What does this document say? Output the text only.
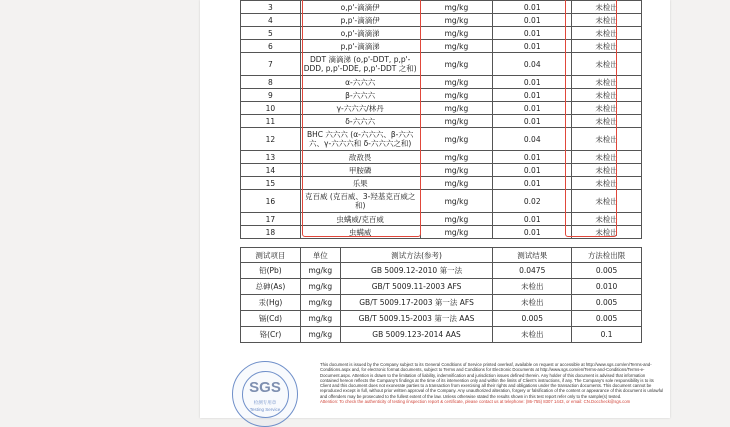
3	o,p'-滴滴伊	mg/kg	0.01	未检出
4	p,p'-滴滴伊	mg/kg	0.01	未检出
5	o,p'-滴滴涕	mg/kg	0.01	未检出
6	p,p'-滴滴涕	mg/kg	0.01	未检出
7	DDT 滴滴涕 (o,p'-DDT, p,p'-DDD, p,p'-DDE, p,p'-DDT 之和)	mg/kg	0.04	未检出
8	α-六六六	mg/kg	0.01	未检出
9	β-六六六	mg/kg	0.01	未检出
10	γ-六六六/林丹	mg/kg	0.01	未检出
11	δ-六六六	mg/kg	0.01	未检出
12	BHC 六六六 (α-六六六、β-六六六、γ-六六六和 δ-六六六之和)	mg/kg	0.04	未检出
13	敌敌畏	mg/kg	0.01	未检出
14	甲胺磷	mg/kg	0.01	未检出
15	乐果	mg/kg	0.01	未检出
16	克百威 (克百威、3-羟基克百威之和)	mg/kg	0.02	未检出
17	虫螨威/克百威	mg/kg	0.01	未检出
18	虫螨威	mg/kg	0.01	未检出
测试项目	单位	测试方法(参考)	测试结果	方法检出限
铅(Pb)	mg/kg	GB 5009.12-2010 第一法	0.0475	0.005
总砷(As)	mg/kg	GB/T 5009.11-2003 AFS	未检出	0.010
汞(Hg)	mg/kg	GB/T 5009.17-2003 第一法 AFS	未检出	0.005
镉(Cd)	mg/kg	GB/T 5009.15-2003 第一法 AAS	0.005	0.005
铬(Cr)	mg/kg	GB 5009.123-2014 AAS	未检出	0.1
SGS
检测专用章
Testing Service
This document is issued by the Company subject to its General Conditions of Service printed overleaf, available on request or accessible at http://www.sgs.com/en/Terms-and-Conditions.aspx and, for electronic format documents, subject to Terms and Conditions for Electronic Documents at http://www.sgs.com/en/Terms-and-Conditions/Terms-e-Document.aspx. Attention is drawn to the limitation of liability, indemnification and jurisdiction issues defined therein. Any holder of this document is advised that information contained hereon reflects the Company's findings at the time of its intervention only and within the limits of Client's instructions, if any. The Company's sole responsibility is to its Client and this document does not exonerate parties to a transaction from exercising all their rights and obligations under the transaction documents. This document cannot be reproduced except in full, without prior written approval of the Company. Any unauthorized alteration, forgery or falsification of the content or appearance of this document is unlawful and offenders may be prosecuted to the fullest extent of the law. Unless otherwise stated the results shown in this test report refer only to the sample(s) tested.
Attention: To check the authenticity of testing /inspection report & certificate, please contact us at telephone: (86-755) 8307 1443, or email: CN.Doccheck@sgs.com
